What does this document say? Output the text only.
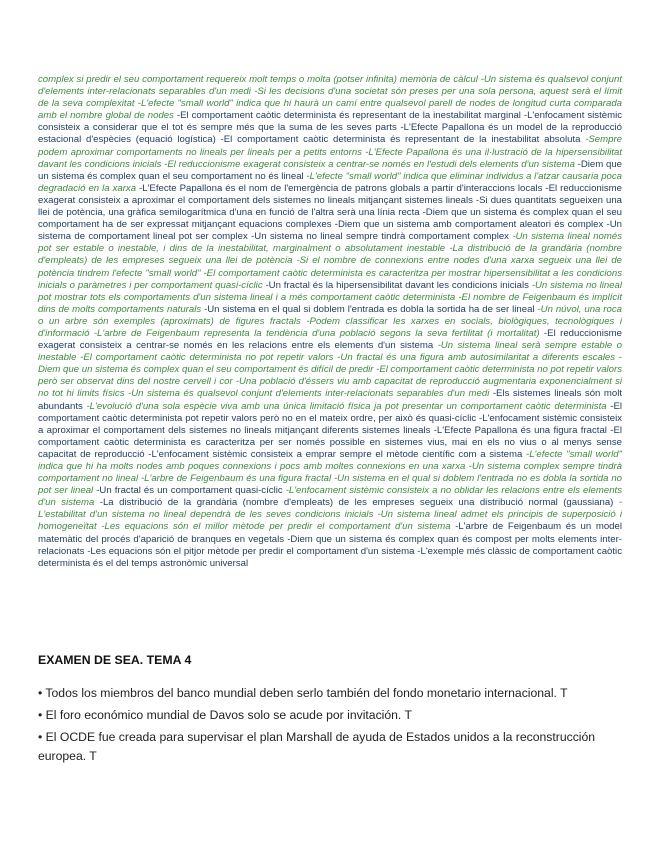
complex si predir el seu comportament requereix molt temps o molta (potser infinita) memòria de càlcul -Un sistema és qualsevol conjunt d'elements inter-relacionats separables d'un medi -Si les decisions d'una societat són preses per una sola persona, aquest serà el límit de la seva complexitat -L'efecte "small world" indica que hi haurà un camí entre qualsevol parell de nodes de longitud curta comparada amb el nombre global de nodes -El comportament caòtic determinista és representant de la inestabilitat marginal -L'enfocament sistèmic consisteix a considerar que el tot és sempre més que la suma de les seves parts -L'Efecte Papallona és un model de la reproducció estacional d'espècies (equació logística) -El comportament caòtic determinista és representant de la inestabilitat absoluta -Sempre podem aproximar comportaments no lineals per lineals per a petits entorns -L'Efecte Papallona és una il·lustració de la hipersensibilitat davant les condicions inicials -El reduccionisme exagerat consisteix a centrar-se només en l'estudi dels elements d'un sistema -Diem que un sistema és complex quan el seu comportament no és lineal -L'efecte "small world" indica que eliminar individus a l'atzar causaria poca degradació en la xarxa -L'Efecte Papallona és el nom de l'emergència de patrons globals a partir d'interaccions locals -El reduccionisme exagerat consisteix a aproximar el comportament dels sistemes no lineals mitjançant sistemes lineals -Si dues quantitats segueixen una llei de potència, una gràfica semilogarítmica d'una en funció de l'altra serà una línia recta -Diem que un sistema és complex quan el seu comportament ha de ser expressat mitjançant equacions complexes -Diem que un sistema amb comportament aleatori és complex -Un sistema de comportament lineal pot ser complex -Un sistema no lineal sempre tindrà comportament complex -Un sistema lineal només pot ser estable o inestable, i dins de la inestabilitat, marginalment o absolutament inestable -La distribució de la grandària (nombre d'empleats) de les empreses segueix una llei de potència -Si el nombre de connexions entre nodes d'una xarxa segueix una llei de potència tindrem l'efecte "small world" -El comportament caòtic determinista es caracteritza per mostrar hipersensibilitat a les condicions inicials o paràmetres i per comportament quasi-cíclic -Un fractal és la hipersensibilitat davant les condicions inicials -Un sistema no lineal pot mostrar tots els comportaments d'un sistema lineal i a més comportament caòtic determinista -El nombre de Feigenbaum és implícit dins de molts comportaments naturals -Un sistema en el qual si doblem l'entrada es dobla la sortida ha de ser lineal -Un núvol, una roca o un arbre són exemples (aproximats) de figures fractals -Podem classificar les xarxes en socials, biològiques, tecnològiques i d'informació -L'arbre de Feigenbaum representa la tendència d'una població segons la seva fertilitat (i mortalitat) -El reduccionisme exagerat consisteix a centrar-se només en les relacions entre els elements d'un sistema -Un sistema lineal serà sempre estable o inestable -El comportament caòtic determinista no pot repetir valors -Un fractal és una figura amb autosimilaritat a diferents escales -Diem que un sistema és complex quan el seu comportament és difícil de predir -El comportament caòtic determinista no pot repetir valors però ser observat dins del nostre cervell i cor -Una població d'éssers viu amb capacitat de reproducció augmentaria exponencialment si no tot hi limits físics -Un sistema és qualsevol conjunt d'elements inter-relacionats separables d'un medi -Els sistemes lineals són molt abundants -L'evolució d'una sola espècie viva amb una única limitació física ja pot presentar un comportament caòtic determinista -El comportament caòtic determinista pot repetir valors però no en el mateix ordre, per això és quasi-cíclic -L'enfocament sistèmic consisteix a aproximar el comportament dels sistemes no lineals mitjançant diferents sistemes lineals -L'Efecte Papallona és una figura fractal -El comportament caòtic determinista es caracteritza per ser només possible en sistemes vius, mai en els no vius o al menys sense capacitat de reproducció -L'enfocament sistèmic consisteix a emprar sempre el mètode científic com a sistema -L'efecte "small world" indica que hi ha molts nodes amb poques connexions i pocs amb moltes connexions en una xarxa -Un sistema complex sempre tindrà comportament no lineal -L'arbre de Feigenbaum és una figura fractal -Un sistema en el qual si doblem l'entrada no es dobla la sortida no pot ser lineal -Un fractal és un comportament quasi-cíclic -L'enfocament sistèmic consisteix a no oblidar les relacions entre els elements d'un sistema -La distribució de la grandària (nombre d'empleats) de les empreses segueix una distribució normal (gaussiana) -L'estabilitat d'un sistema no lineal dependrà de les seves condicions inicials -Un sistema lineal admet els principis de superposició i homogeneïtat -Les equacions són el millor mètode per predir el comportament d'un sistema -L'arbre de Feigenbaum és un model matemàtic del procés d'aparició de branques en vegetals -Diem que un sistema és complex quan és compost per molts elements inter-relacionats -Les equacions són el pitjor mètode per predir el comportament d'un sistema -L'exemple més clàssic de comportament caòtic determinista és el del temps astronòmic universal

EXAMEN DE SEA. TEMA 4
• Todos los miembros del banco mundial deben serlo también del fondo monetario internacional. T
• El foro económico mundial de Davos solo se acude por invitación. T
• El OCDE fue creada para supervisar el plan Marshall de ayuda de Estados unidos a la reconstrucción europea. T
